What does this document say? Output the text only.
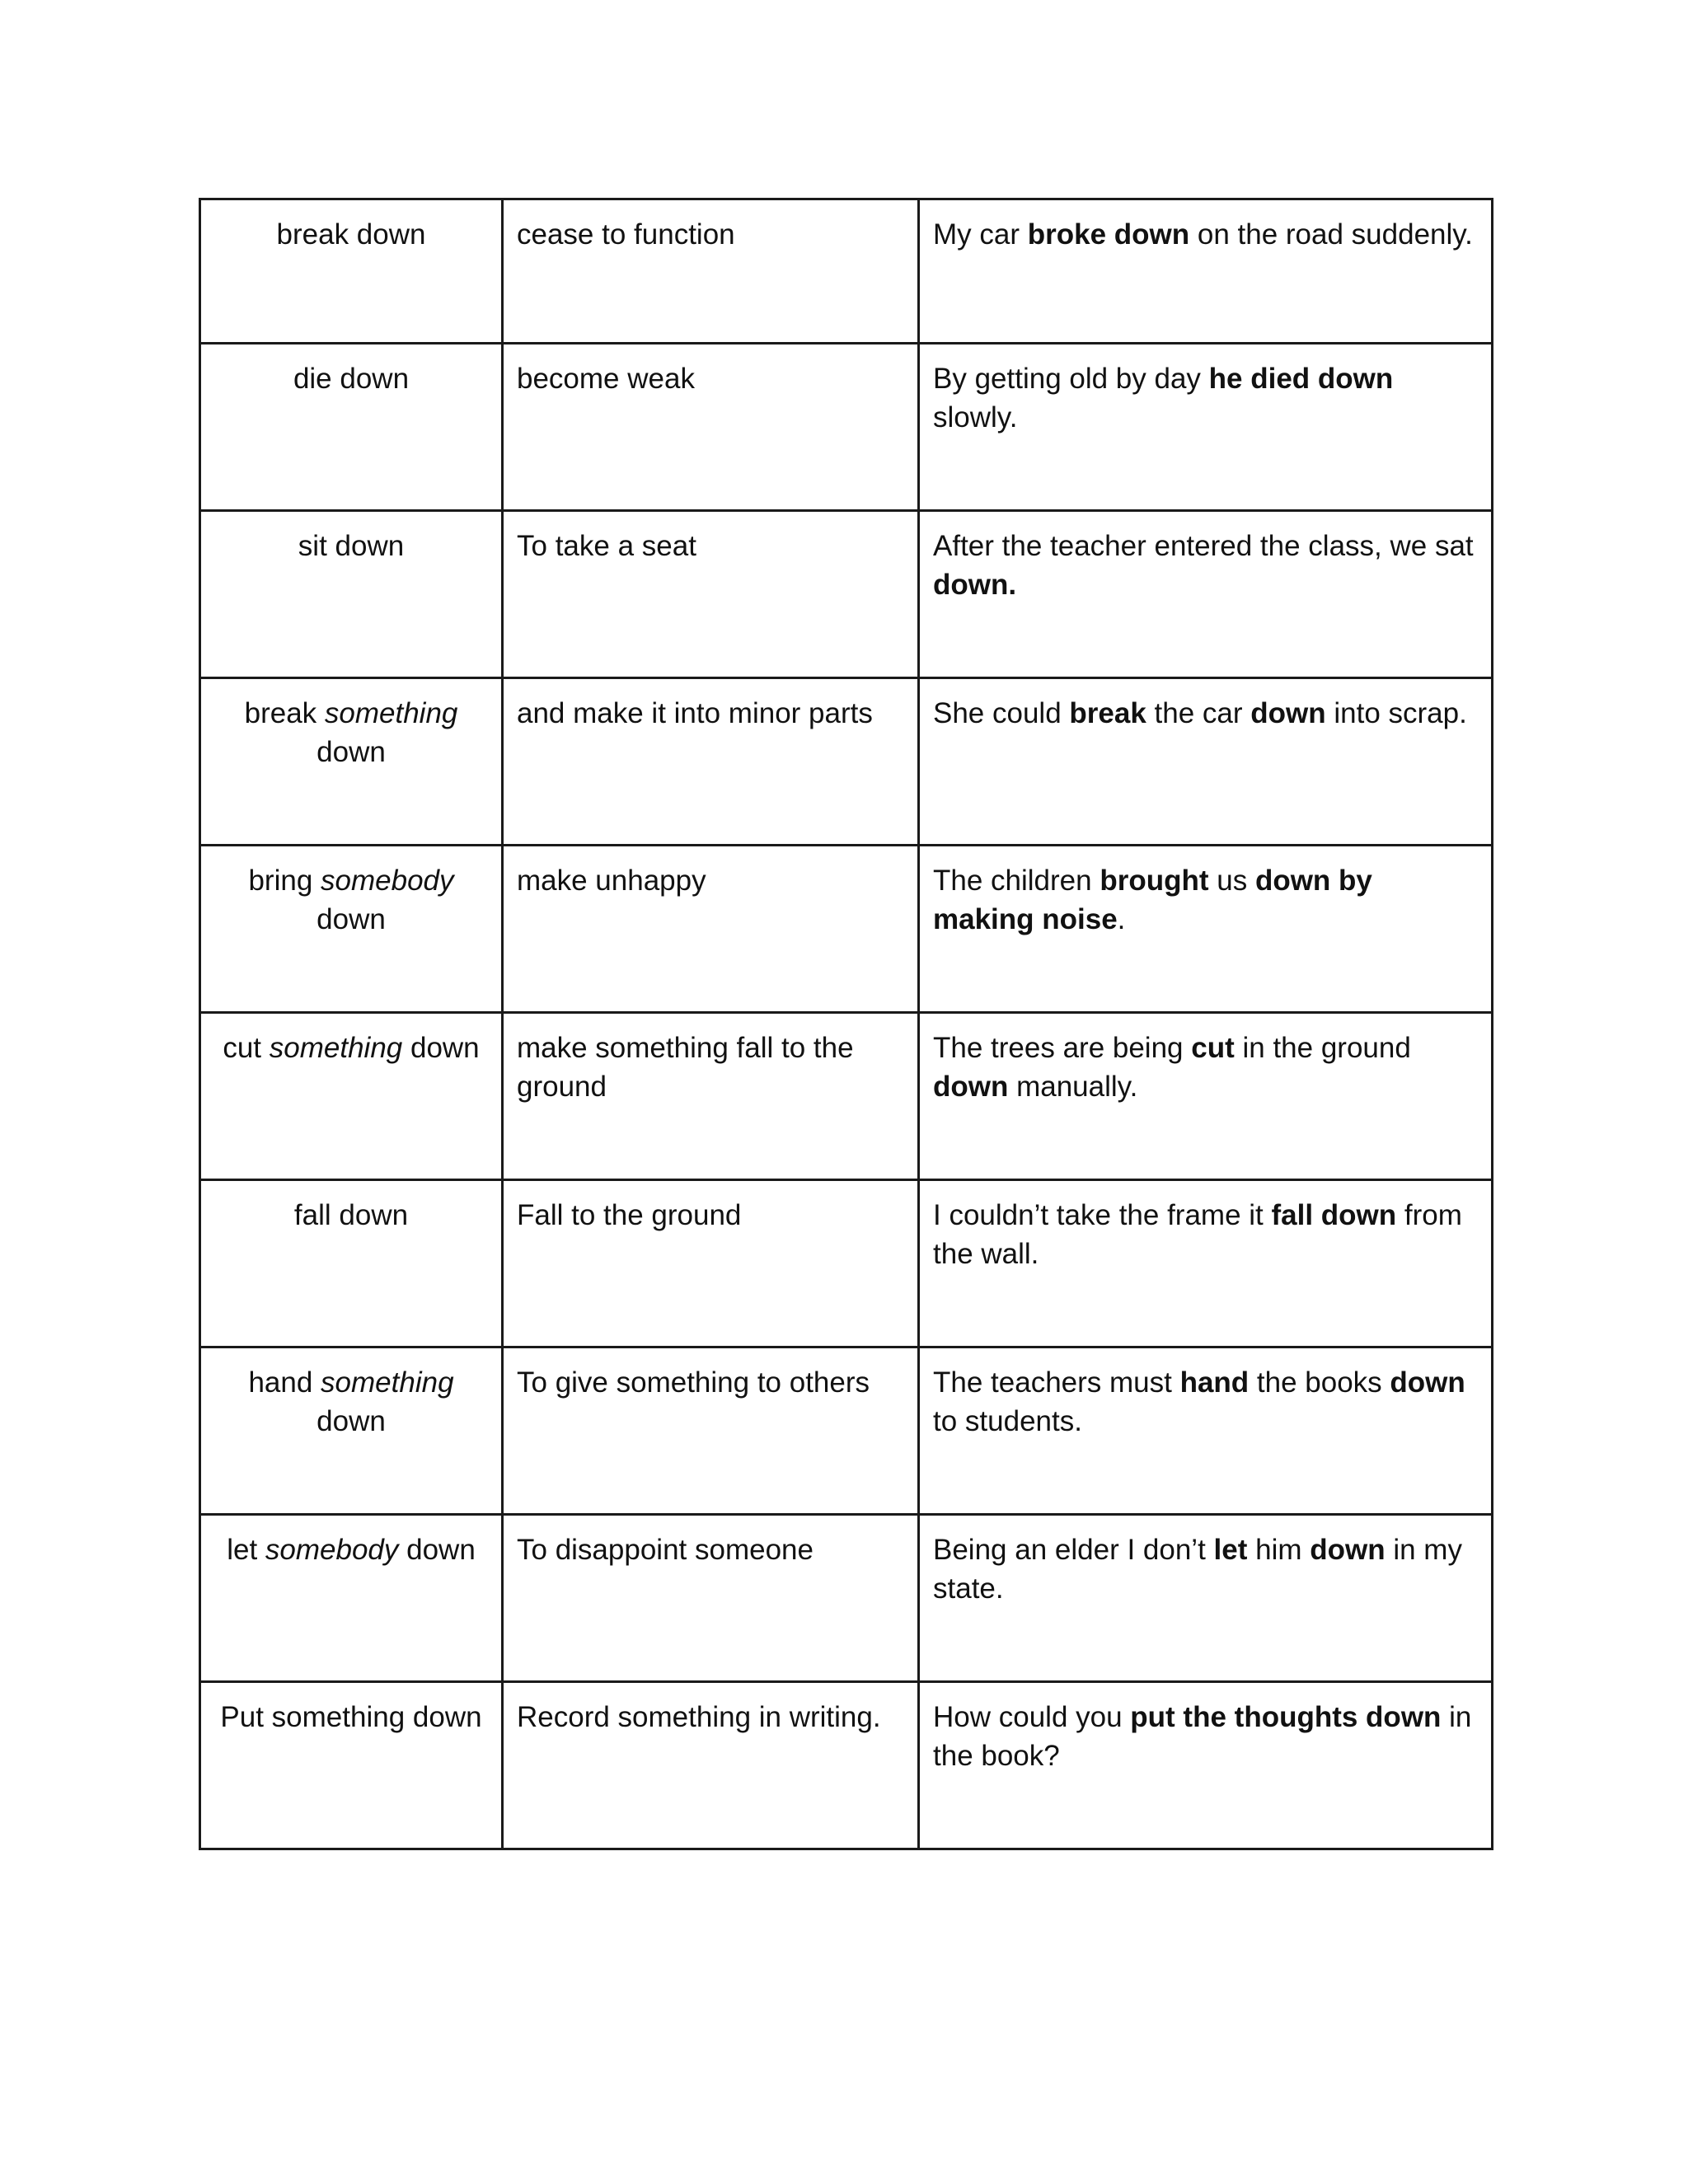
break down	cease to function	My car broke down on the road suddenly.
die down	become weak	By getting old by day he died down slowly.
sit down	To take a seat	After the teacher entered the class, we sat down.
break something down	and make it into minor parts	She could break the car down into scrap.
bring somebody down	make unhappy	The children brought us down by making noise.
cut something down	make something fall to the ground	The trees are being cut in the ground down manually.
fall down	Fall to the ground	I couldn’t take the frame it fall down from the wall.
hand something down	To give something to others	The teachers must hand the books down to students.
let somebody down	To disappoint someone	Being an elder I don’t let him down in my state.
Put something down	Record something in writing.	How could you put the thoughts down in the book?
